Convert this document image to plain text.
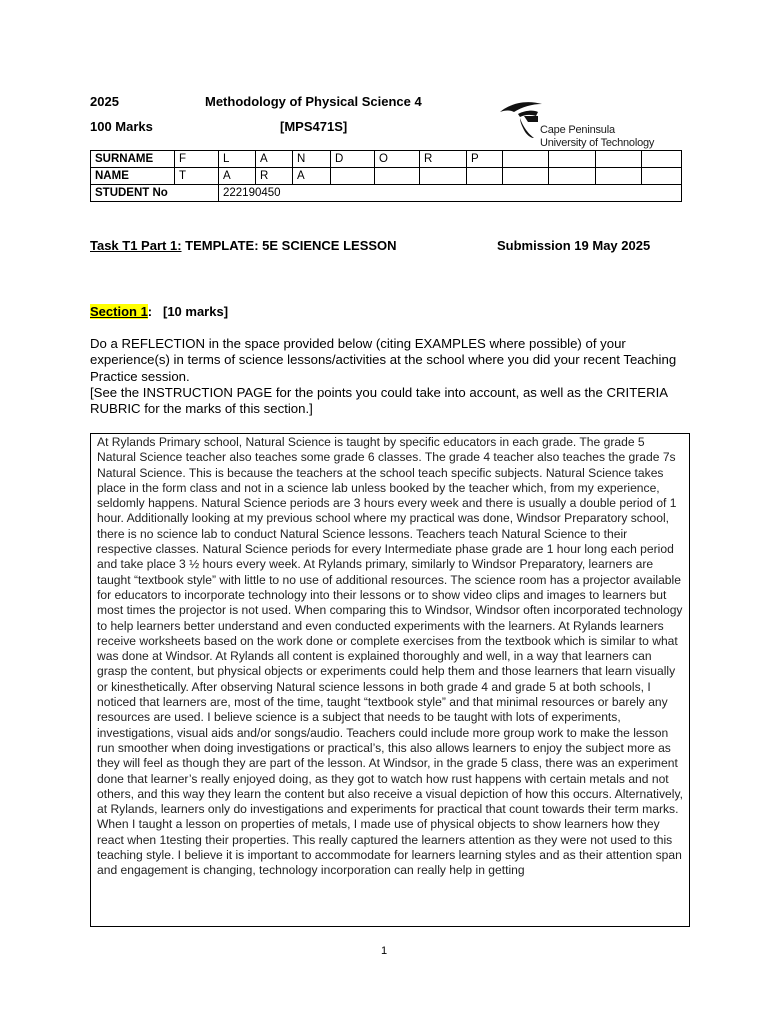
2025	Methodology of Physical Science 4
100 Marks	[MPS471S]	Cape Peninsula
University of Technology
SURNAME	F	L	A	N	D	O	R	P				
NAME	T	A	R	A								
STUDENT No		222190450										
Task T1 Part 1: TEMPLATE: 5E SCIENCE LESSON	Submission 19 May 2025
Section 1: [10 marks]

Do a REFLECTION in the space provided below (citing EXAMPLES where possible) of your experience(s) in terms of science lessons/activities at the school where you did your recent Teaching Practice session.

[See the INSTRUCTION PAGE for the points you could take into account, as well as the CRITERIA RUBRIC for the marks of this section.]

At Rylands Primary school, Natural Science is taught by specific educators in each grade. The grade 5 Natural Science teacher also teaches some grade 6 classes. The grade 4 teacher also teaches the grade 7s Natural Science. This is because the teachers at the school teach specific subjects. Natural Science takes place in the form class and not in a science lab unless booked by the teacher which, from my experience, seldomly happens. Natural Science periods are 3 hours every week and there is usually a double period of 1 hour. Additionally looking at my previous school where my practical was done, Windsor Preparatory school, there is no science lab to conduct Natural Science lessons. Teachers teach Natural Science to their respective classes. Natural Science periods for every Intermediate phase grade are 1 hour long each period and take place 3 ½ hours every week. At Rylands primary, similarly to Windsor Preparatory, learners are taught “textbook style” with little to no use of additional resources. The science room has a projector available for educators to incorporate technology into their lessons or to show video clips and images to learners but most times the projector is not used. When comparing this to Windsor, Windsor often incorporated technology to help learners better understand and even conducted experiments with the learners. At Rylands learners receive worksheets based on the work done or complete exercises from the textbook which is similar to what was done at Windsor. At Rylands all content is explained thoroughly and well, in a way that learners can grasp the content, but physical objects or experiments could help them and those learners that learn visually or kinesthetically. After observing Natural science lessons in both grade 4 and grade 5 at both schools, I noticed that learners are, most of the time, taught “textbook style” and that minimal resources or barely any resources are used. I believe science is a subject that needs to be taught with lots of experiments, investigations, visual aids and/or songs/audio. Teachers could include more group work to make the lesson run smoother when doing investigations or practical’s, this also allows learners to enjoy the subject more as they will feel as though they are part of the lesson. At Windsor, in the grade 5 class, there was an experiment done that learner’s really enjoyed doing, as they got to watch how rust happens with certain metals and not others, and this way they learn the content but also receive a visual depiction of how this occurs. Alternatively, at Rylands, learners only do investigations and experiments for practical that count towards their term marks. When I taught a lesson on properties of metals, I made use of physical objects to show learners how they react when 1testing their properties. This really captured the learners attention as they were not used to this teaching style. I believe it is important to accommodate for learners learning styles and as their attention span and engagement is changing, technology incorporation can really help in getting

1
